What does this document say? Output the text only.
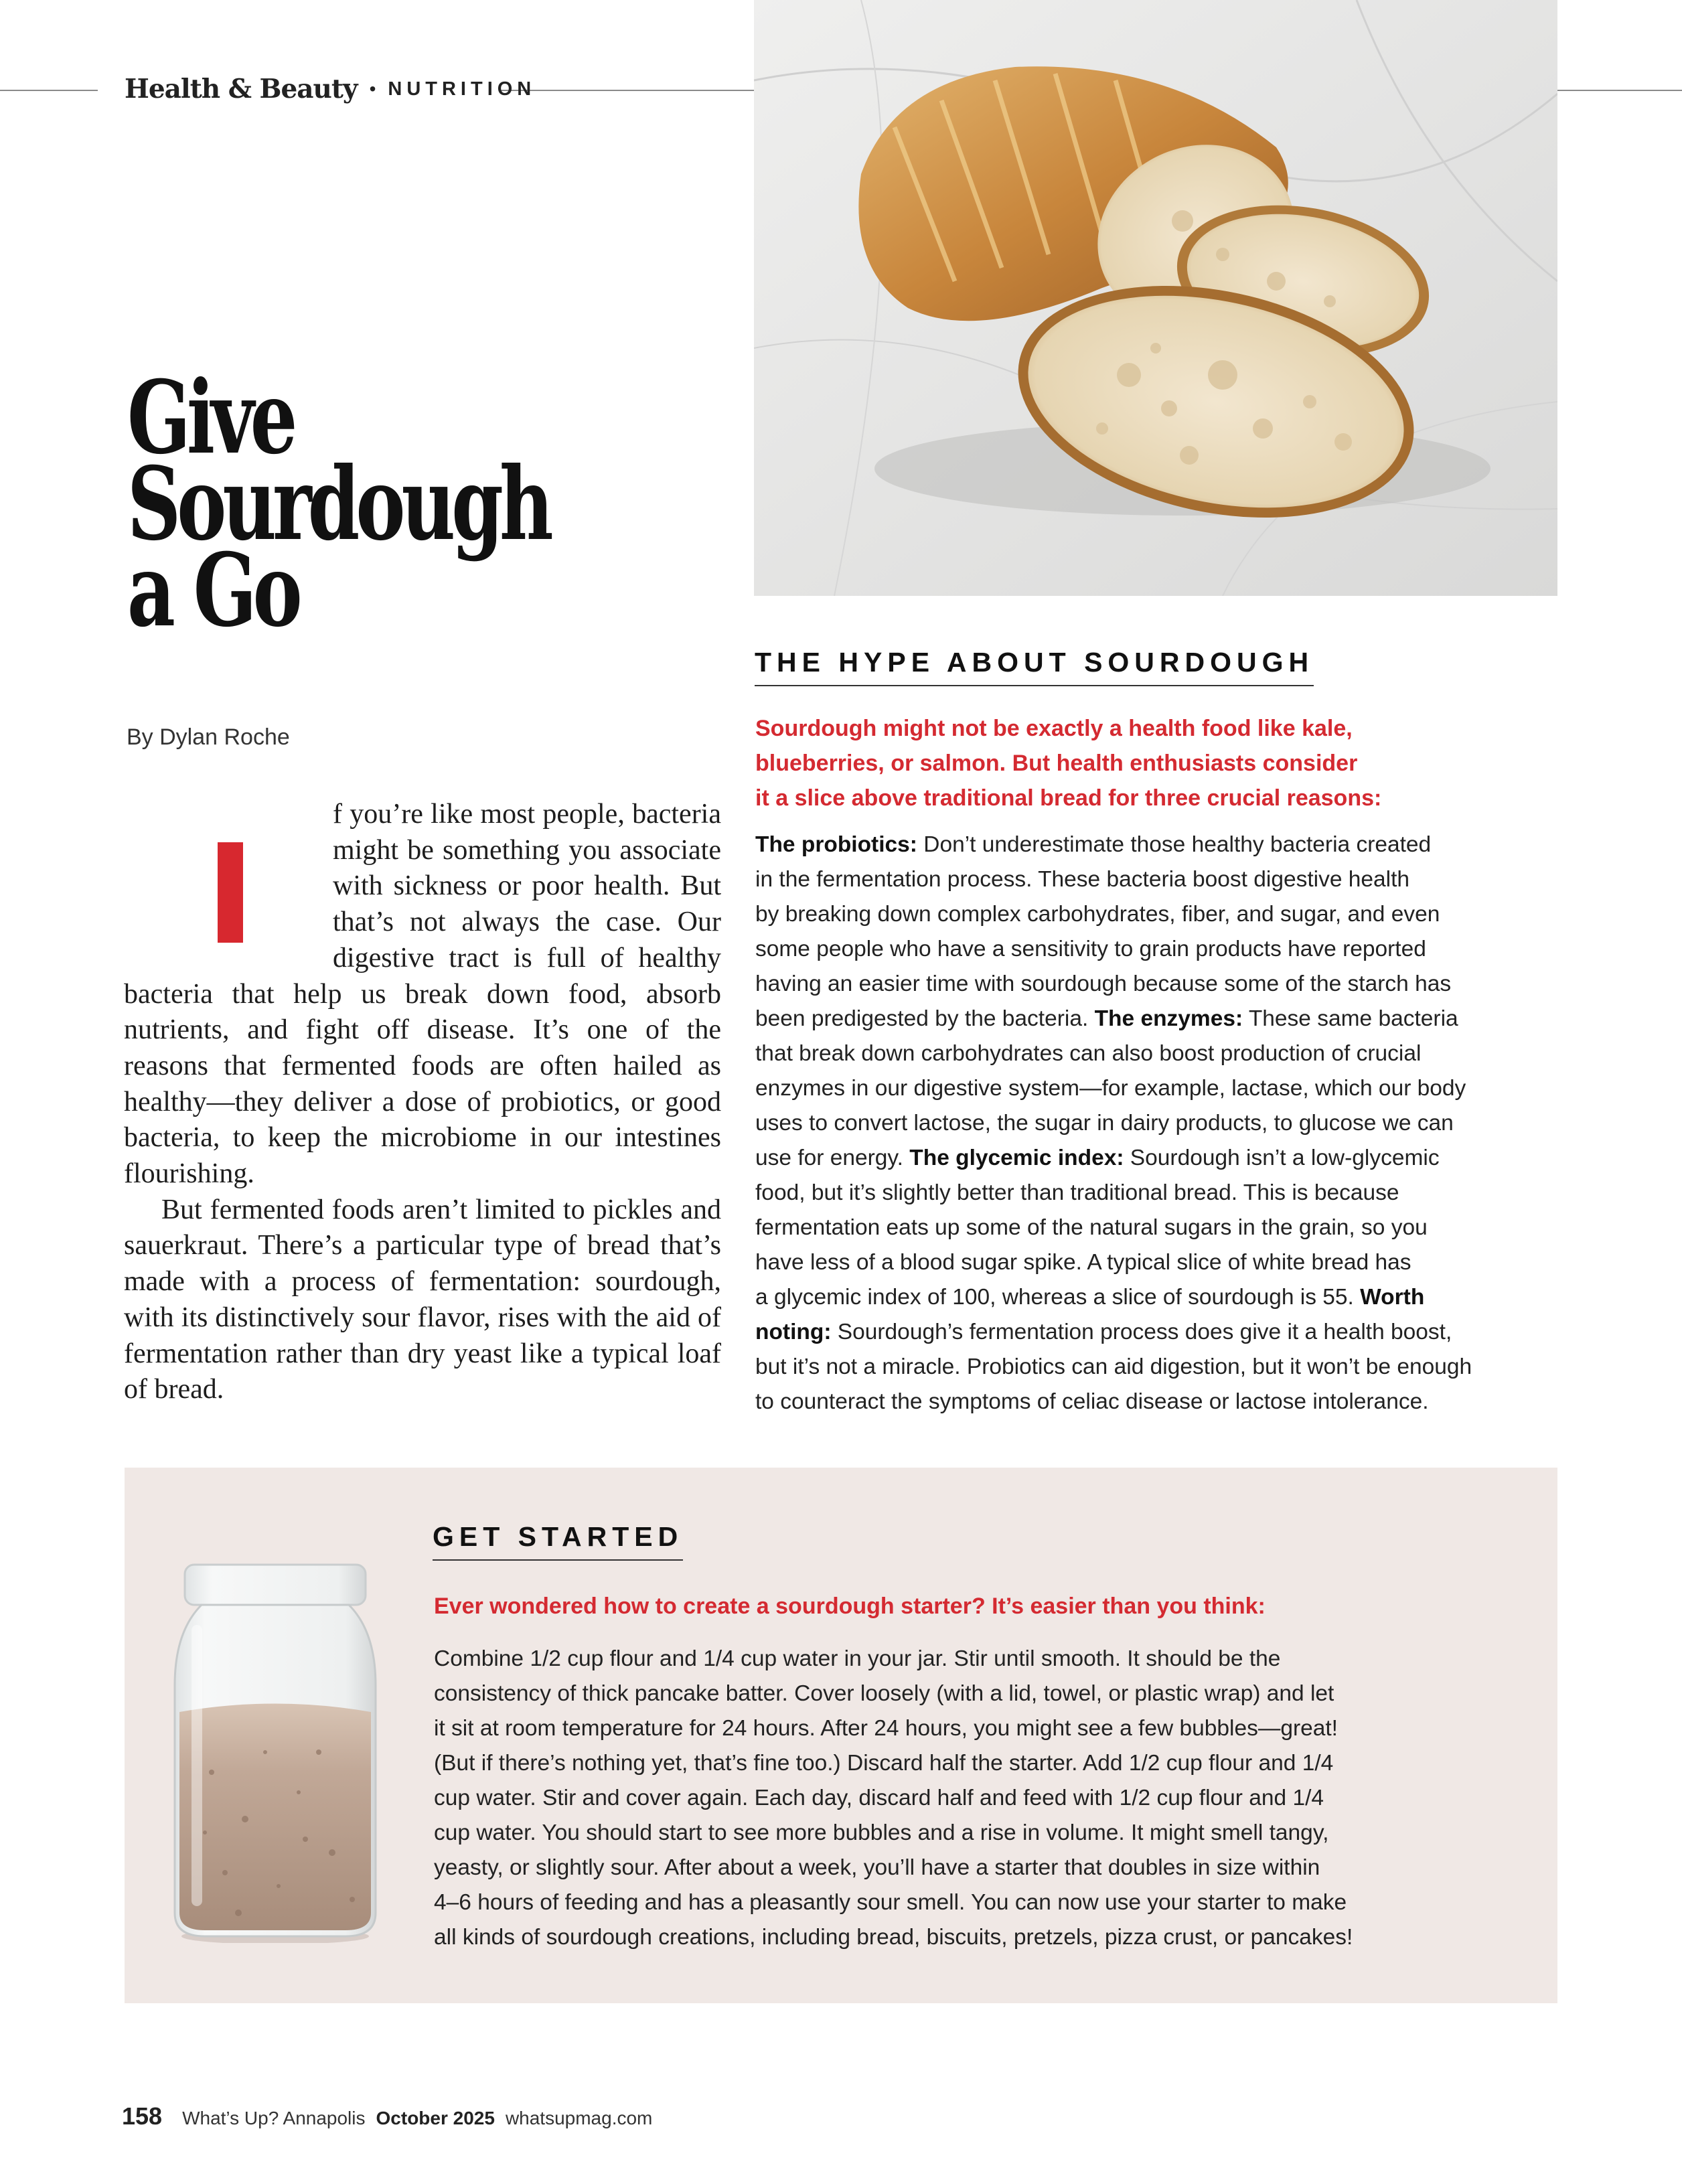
Health & Beauty • NUTRITION
Give
Sourdough
a Go
By Dylan Roche

f you’re like most people, bacteria might be something you associate with sickness or poor health. But that’s not always the case. Our digestive tract is full of healthy bacteria that help us break down food, absorb nutrients, and fight off disease. It’s one of the reasons that fermented foods are often hailed as healthy—they deliver a dose of probiotics, or good bacteria, to keep the microbiome in our intestines flourishing.

But fermented foods aren’t limited to pickles and sauerkraut. There’s a particular type of bread that’s made with a process of fermentation: sourdough, with its distinctively sour flavor, rises with the aid of fermentation rather than dry yeast like a typical loaf of bread.

THE HYPE ABOUT SOURDOUGH
Sourdough might not be exactly a health food like kale,
blueberries, or salmon. But health enthusiasts consider
it a slice above traditional bread for three crucial reasons:
The probiotics: Don’t underestimate those healthy bacteria created
in the fermentation process. These bacteria boost digestive health
by breaking down complex carbohydrates, fiber, and sugar, and even
some people who have a sensitivity to grain products have reported
having an easier time with sourdough because some of the starch has
been predigested by the bacteria. The enzymes: These same bacteria
that break down carbohydrates can also boost production of crucial
enzymes in our digestive system—for example, lactase, which our body
uses to convert lactose, the sugar in dairy products, to glucose we can
use for energy. The glycemic index: Sourdough isn’t a low-glycemic
food, but it’s slightly better than traditional bread. This is because
fermentation eats up some of the natural sugars in the grain, so you
have less of a blood sugar spike. A typical slice of white bread has
a glycemic index of 100, whereas a slice of sourdough is 55. Worth
noting: Sourdough’s fermentation process does give it a health boost,
but it’s not a miracle. Probiotics can aid digestion, but it won’t be enough
to counteract the symptoms of celiac disease or lactose intolerance.
GET STARTED
Ever wondered how to create a sourdough starter? It’s easier than you think:
Combine 1/2 cup flour and 1/4 cup water in your jar. Stir until smooth. It should be the
consistency of thick pancake batter. Cover loosely (with a lid, towel, or plastic wrap) and let
it sit at room temperature for 24 hours. After 24 hours, you might see a few bubbles—great!
(But if there’s nothing yet, that’s fine too.) Discard half the starter. Add 1/2 cup flour and 1/4
cup water. Stir and cover again. Each day, discard half and feed with 1/2 cup flour and 1/4
cup water. You should start to see more bubbles and a rise in volume. It might smell tangy,
yeasty, or slightly sour. After about a week, you’ll have a starter that doubles in size within
4–6 hours of feeding and has a pleasantly sour smell. You can now use your starter to make
all kinds of sourdough creations, including bread, biscuits, pretzels, pizza crust, or pancakes!
158 What’s Up? Annapolis October 2025 whatsupmag.com
